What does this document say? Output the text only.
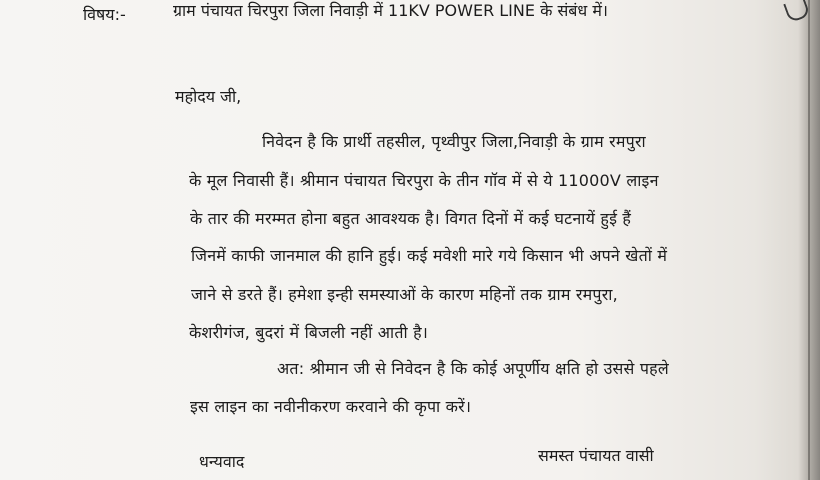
विषय:-	ग्राम पंचायत चिरपुरा जिला निवाड़ी में 11KV POWER LINE के संबंध में।
महोदय जी,
निवेदन है कि प्रार्थी तहसील, पृथ्वीपुर जिला,निवाड़ी के ग्राम रमपुरा
के मूल निवासी हैं। श्रीमान पंचायत चिरपुरा के तीन गॉव में से ये 11000V लाइन
के तार की मरम्मत होना बहुत आवश्यक है। विगत दिनों में कई घटनायें हुई हैं
जिनमें काफी जानमाल की हानि हुई। कई मवेशी मारे गये किसान भी अपने खेतों में
जाने से डरते हैं। हमेशा इन्ही समस्याओं के कारण महिनों तक ग्राम रमपुरा,
केशरीगंज, बुदरां में बिजली नहीं आती है।
अत: श्रीमान जी से निवेदन है कि कोई अपूर्णीय क्षति हो उससे पहले
इस लाइन का नवीनीकरण करवाने की कृपा करें।
धन्यवाद	समस्त पंचायत वासी
